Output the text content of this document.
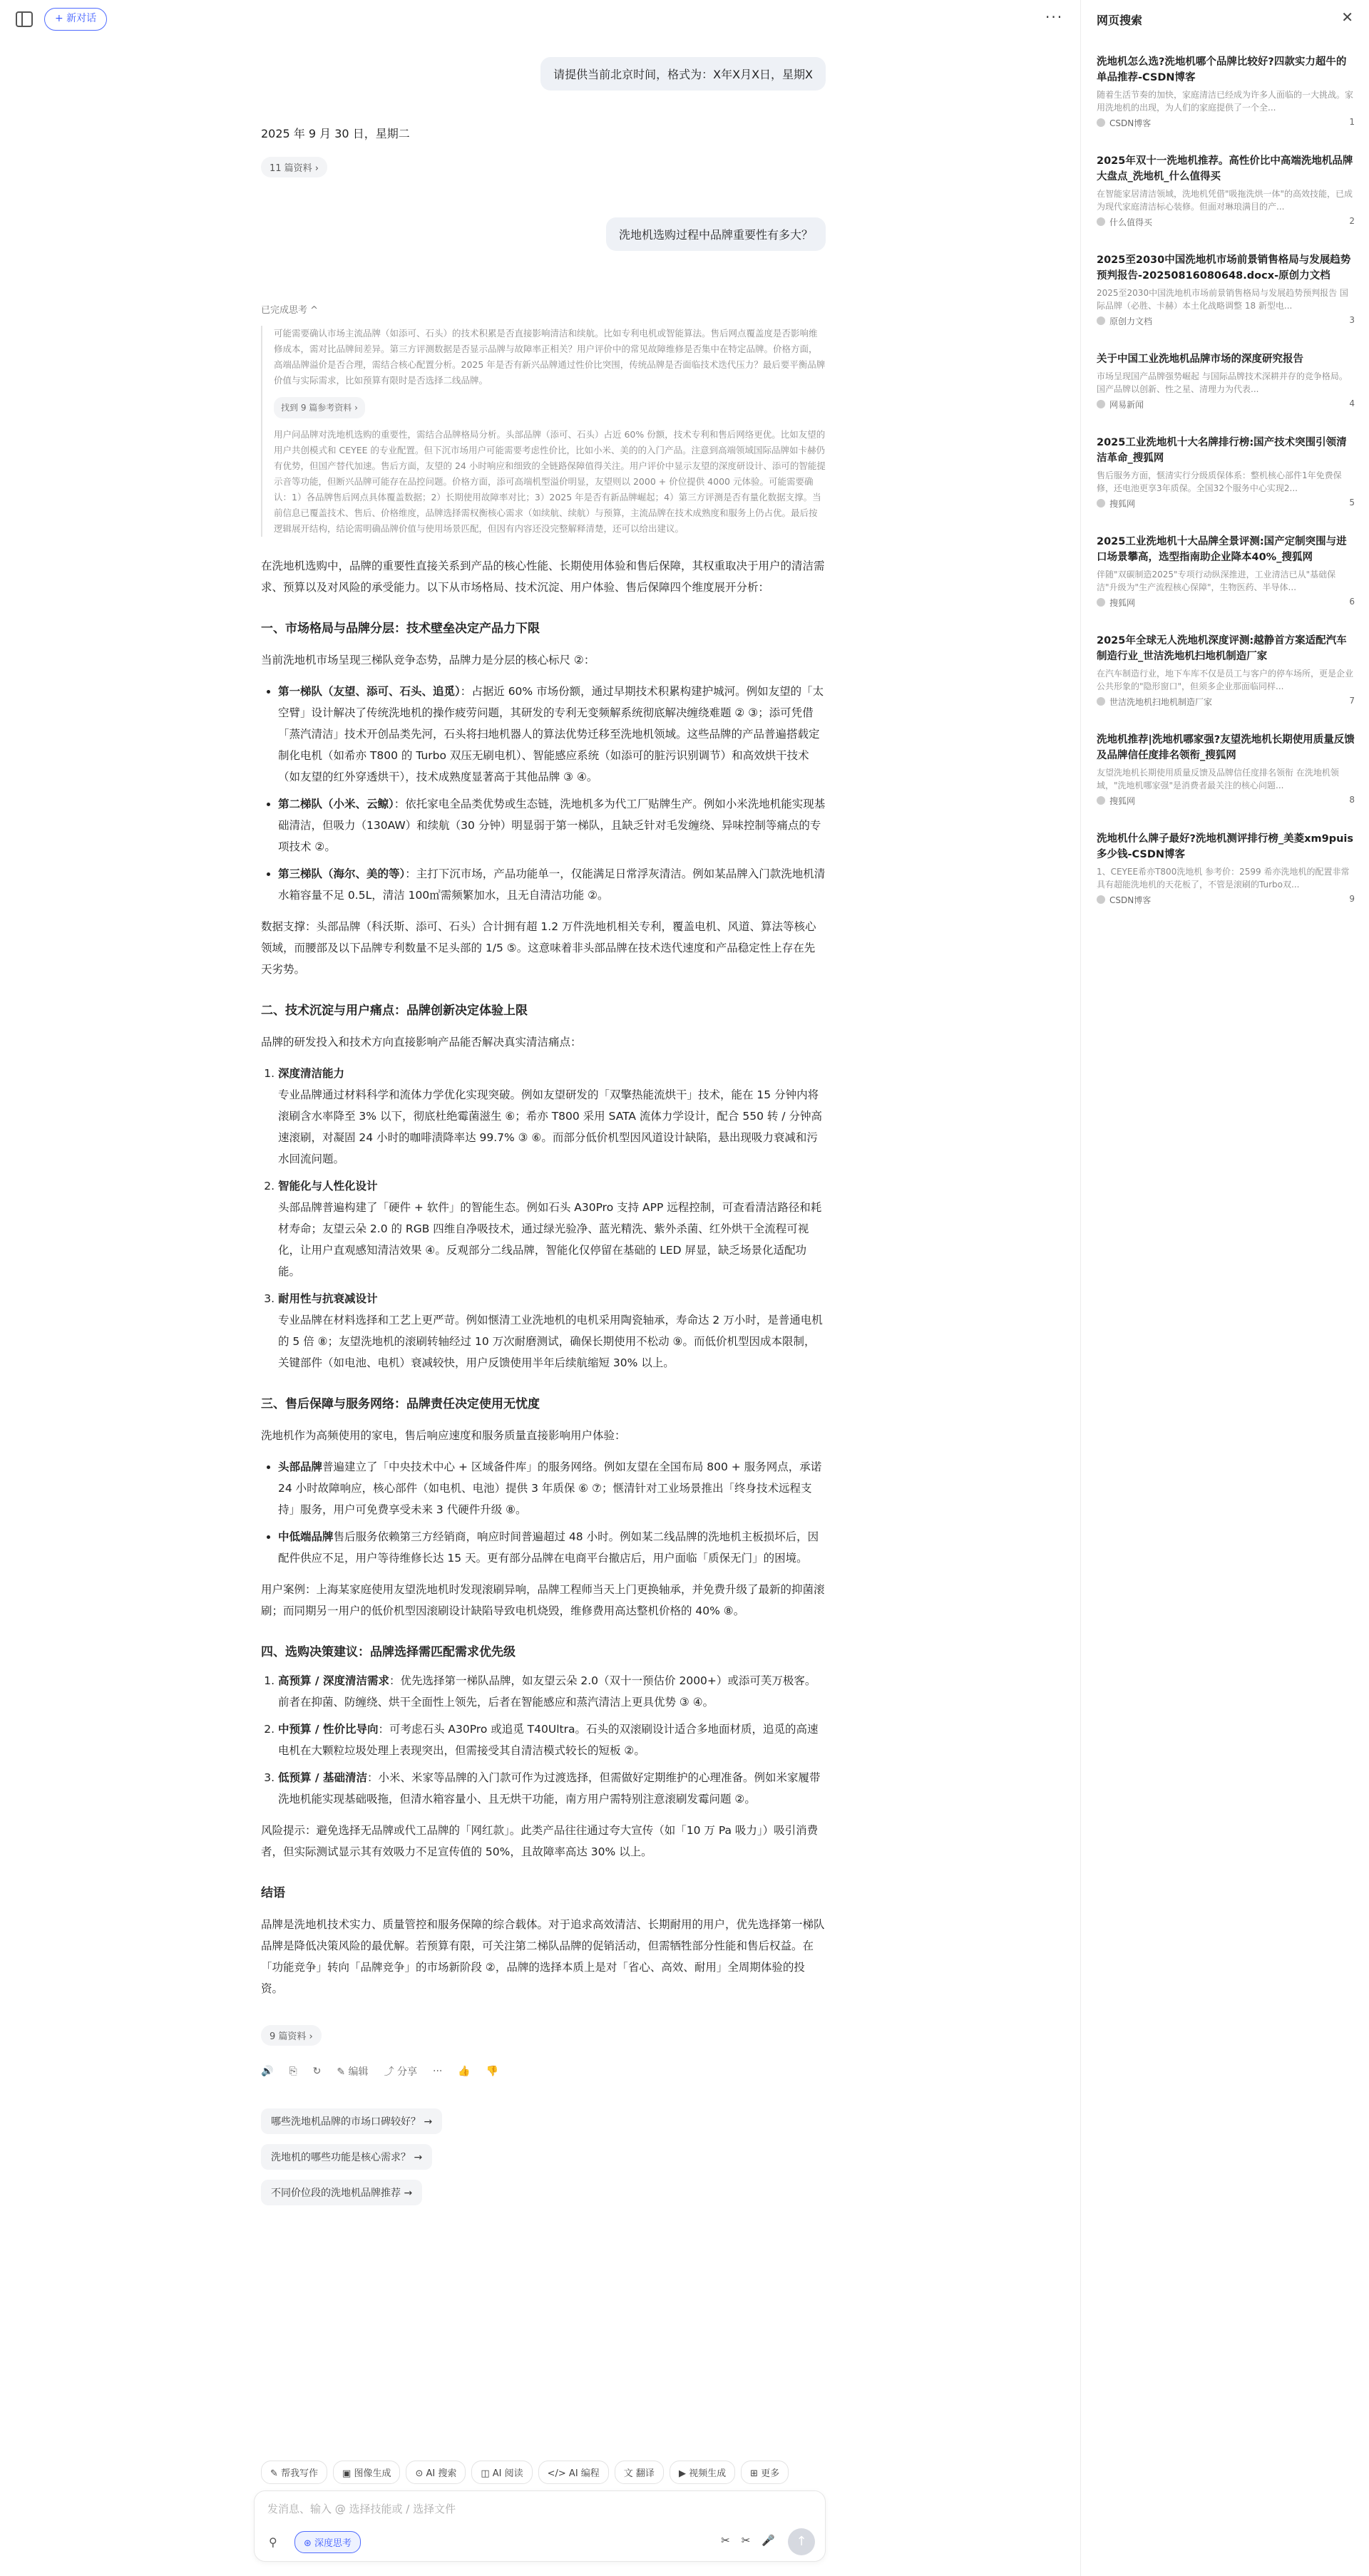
+ 新对话	···
请提供当前北京时间，格式为：X年X月X日，星期X
2025 年 9 月 30 日，星期二
11 篇资料 ›
洗地机选购过程中品牌重要性有多大？
已完成思考 ^
可能需要确认市场主流品牌（如添可、石头）的技术积累是否直接影响清洁和续航。比如专利电机或智能算法。售后网点覆盖度是否影响维修成本，需对比品牌间差异。第三方评测数据是否显示品牌与故障率正相关？用户评价中的常见故障维修是否集中在特定品牌。价格方面，高端品牌溢价是否合理，需结合核心配置分析。2025 年是否有新兴品牌通过性价比突围，传统品牌是否面临技术迭代压力？最后要平衡品牌价值与实际需求，比如预算有限时是否选择二线品牌。
找到 9 篇参考资料 ›
用户问品牌对洗地机选购的重要性，需结合品牌格局分析。头部品牌（添可、石头）占近 60% 份额，技术专利和售后网络更优。比如友望的用户共创模式和 CEYEE 的专业配置。但下沉市场用户可能需要考虑性价比，比如小米、美的的入门产品。注意到高端领域国际品牌如卡赫仍有优势，但国产替代加速。售后方面，友望的 24 小时响应和细致的全链路保障值得关注。用户评价中显示友望的深度研设计、添可的智能提示音等功能，但断兴品牌可能存在品控问题。价格方面，添可高端机型溢价明显，友望则以 2000 + 价位提供 4000 元体验。可能需要确认：1）各品牌售后网点具体覆盖数据；2）长期使用故障率对比；3）2025 年是否有新品牌崛起；4）第三方评测是否有量化数据支撑。当前信息已覆盖技术、售后、价格维度，品牌选择需权衡核心需求（如续航、续航）与预算，主流品牌在技术成熟度和服务上仍占优。最后按逻辑展开结构，结论需明确品牌价值与使用场景匹配，但因有内容还没完整解释清楚，还可以给出建议。

在洗地机选购中，品牌的重要性直接关系到产品的核心性能、长期使用体验和售后保障，其权重取决于用户的清洁需求、预算以及对风险的承受能力。以下从市场格局、技术沉淀、用户体验、售后保障四个维度展开分析：

一、市场格局与品牌分层：技术壁垒决定产品力下限

当前洗地机市场呈现三梯队竞争态势，品牌力是分层的核心标尺 ②：

• 第一梯队（友望、添可、石头、追觅）：占据近 60% 市场份额，通过早期技术积累构建护城河。例如友望的「太空臂」设计解决了传统洗地机的操作疲劳问题，其研发的专利无变频解系统彻底解决缠绕难题 ② ③；添可凭借「蒸汽清洁」技术开创品类先河，石头将扫地机器人的算法优势迁移至洗地机领域。这些品牌的产品普遍搭载定制化电机（如希亦 T800 的 Turbo 双压无刷电机）、智能感应系统（如添可的脏污识别调节）和高效烘干技术（如友望的红外穿透烘干），技术成熟度显著高于其他品牌 ③ ④。
• 第二梯队（小米、云鲸）：依托家电全品类优势或生态链，洗地机多为代工厂贴牌生产。例如小米洗地机能实现基础清洁，但吸力（130AW）和续航（30 分钟）明显弱于第一梯队，且缺乏针对毛发缠绕、异味控制等痛点的专项技术 ②。
• 第三梯队（海尔、美的等）：主打下沉市场，产品功能单一，仅能满足日常浮灰清洁。例如某品牌入门款洗地机清水箱容量不足 0.5L，清洁 100㎡需频繁加水，且无自清洁功能 ②。

数据支撑：头部品牌（科沃斯、添可、石头）合计拥有超 1.2 万件洗地机相关专利，覆盖电机、风道、算法等核心领域，而腰部及以下品牌专利数量不足头部的 1/5 ⑤。这意味着非头部品牌在技术迭代速度和产品稳定性上存在先天劣势。

二、技术沉淀与用户痛点：品牌创新决定体验上限

品牌的研发投入和技术方向直接影响产品能否解决真实清洁痛点：

1. 深度清洁能力
专业品牌通过材料科学和流体力学优化实现突破。例如友望研发的「双擎热能流烘干」技术，能在 15 分钟内将滚刷含水率降至 3% 以下，彻底杜绝霉菌滋生 ⑥；希亦 T800 采用 SATA 流体力学设计，配合 550 转 / 分钟高速滚刷，对凝固 24 小时的咖啡渍降率达 99.7% ③ ⑥。而部分低价机型因风道设计缺陷，悬出现吸力衰减和污水回流问题。
2. 智能化与人性化设计
头部品牌普遍构建了「硬件 + 软件」的智能生态。例如石头 A30Pro 支持 APP 远程控制，可查看清洁路径和耗材寿命；友望云朵 2.0 的 RGB 四维自净吸技术，通过绿光验净、蓝光精洗、紫外杀菌、红外烘干全流程可视化，让用户直观感知清洁效果 ④。反观部分二线品牌，智能化仅停留在基础的 LED 屏显，缺乏场景化适配功能。
3. 耐用性与抗衰减设计
专业品牌在材料选择和工艺上更严苛。例如惬清工业洗地机的电机采用陶瓷轴承，寿命达 2 万小时，是普通电机的 5 倍 ⑧；友望洗地机的滚刷转轴经过 10 万次耐磨测试，确保长期使用不松动 ⑨。而低价机型因成本限制，关键部件（如电池、电机）衰减较快，用户反馈使用半年后续航缩短 30% 以上。
三、售后保障与服务网络：品牌责任决定使用无忧度

洗地机作为高频使用的家电，售后响应速度和服务质量直接影响用户体验：

• 头部品牌普遍建立了「中央技术中心 + 区域备件库」的服务网络。例如友望在全国布局 800 + 服务网点，承诺 24 小时故障响应，核心部件（如电机、电池）提供 3 年质保 ⑥ ⑦；惬清针对工业场景推出「终身技术远程支持」服务，用户可免费享受未来 3 代硬件升级 ⑧。
• 中低端品牌售后服务依赖第三方经销商，响应时间普遍超过 48 小时。例如某二线品牌的洗地机主板损坏后，因配件供应不足，用户等待维修长达 15 天。更有部分品牌在电商平台撤店后，用户面临「质保无门」的困境。

用户案例：上海某家庭使用友望洗地机时发现滚刷异响，品牌工程师当天上门更换轴承，并免费升级了最新的抑菌滚刷；而同期另一用户的低价机型因滚刷设计缺陷导致电机烧毁，维修费用高达整机价格的 40% ⑧。

四、选购决策建议：品牌选择需匹配需求优先级
1. 高预算 / 深度清洁需求：优先选择第一梯队品牌，如友望云朵 2.0（双十一预估价 2000+）或添可芙万极客。前者在抑菌、防缠绕、烘干全面性上领先，后者在智能感应和蒸汽清洁上更具优势 ③ ④。
2. 中预算 / 性价比导向：可考虑石头 A30Pro 或追觅 T40Ultra。石头的双滚刷设计适合多地面材质，追觅的高速电机在大颗粒垃圾处理上表现突出，但需接受其自清洁模式较长的短板 ②。
3. 低预算 / 基础清洁：小米、米家等品牌的入门款可作为过渡选择，但需做好定期维护的心理准备。例如米家履带洗地机能实现基础吸拖，但清水箱容量小、且无烘干功能，南方用户需特别注意滚刷发霉问题 ②。

风险提示：避免选择无品牌或代工品牌的「网红款」。此类产品往往通过夸大宣传（如「10 万 Pa 吸力」）吸引消费者，但实际测试显示其有效吸力不足宣传值的 50%，且故障率高达 30% 以上。

结语

品牌是洗地机技术实力、质量管控和服务保障的综合载体。对于追求高效清洁、长期耐用的用户，优先选择第一梯队品牌是降低决策风险的最优解。若预算有限，可关注第二梯队品牌的促销活动，但需牺牲部分性能和售后权益。在「功能竞争」转向「品牌竞争」的市场新阶段 ②，品牌的选择本质上是对「省心、高效、耐用」全周期体验的投资。

9 篇资料 ›
🔊 ⎘ ↻ ✎ 编辑 ⤴ 分享 ··· 👍 👎
哪些洗地机品牌的市场口碑较好？ →
洗地机的哪些功能是核心需求？ →
不同价位段的洗地机品牌推荐 →
✎ 帮我写作	▣ 图像生成	⊙ AI 搜索	◫ AI 阅读	</> AI 编程	文 翻译	▶ 视频生成	⊞ 更多
发消息、输入 @ 选择技能或 / 选择文件
⚲	⊛ 深度思考	✂ ✂ 🎤	↑
网页搜索	✕
洗地机怎么选?洗地机哪个品牌比较好?四款实力超牛的单品推荐-CSDN博客
随着生活节奏的加快，家庭清洁已经成为许多人面临的一大挑战。家用洗地机的出现，为人们的家庭提供了一个全...
CSDN博客	1
2025年双十一洗地机推荐。高性价比中高端洗地机品牌大盘点_洗地机_什么值得买
在智能家居清洁领域，洗地机凭借"吸拖洗烘一体"的高效技能，已成为现代家庭清洁标心装修。但面对琳琅满目的产...
什么值得买	2
2025至2030中国洗地机市场前景销售格局与发展趋势预判报告-20250816080648.docx-原创力文档
2025至2030中国洗地机市场前景销售格局与发展趋势预判报告 国际品牌（必胜、卡赫）本土化战略调整 18 新型电...
原创力文档	3
关于中国工业洗地机品牌市场的深度研究报告
市场呈现国产品牌强势崛起 与国际品牌技术深耕并存的竞争格局。国产品牌以创新、性之星、清理力为代表...
网易新闻	4
2025工业洗地机十大名牌排行榜:国产技术突围引领清洁革命_搜狐网
售后服务方面，惬清实行分级质保体系：整机核心部件1年免费保修，还电池更享3年质保。全国32个服务中心实现2...
搜狐网	5
2025工业洗地机十大品牌全景评测:国产定制突围与进口场景攀高，选型指南助企业降本40%_搜狐网
伴随"双碳制造2025"专项行动纵深推进，工业清洁已从"基础保洁"升级为"生产流程核心保障"，生物医药、半导体...
搜狐网	6
2025年全球无人洗地机深度评测:越静首方案适配汽车制造行业_世洁洗地机扫地机制造厂家
在汽车制造行业，地下车库不仅是员工与客户的停车场所，更是企业公共形象的"隐形窗口"，但须多企业那面临同样...
世洁洗地机扫地机制造厂家	7
洗地机推荐|洗地机哪家强?友望洗地机长期使用质量反馈及品牌信任度排名领衔_搜狐网
友望洗地机长期使用质量反馈及品牌信任度排名领衔 在洗地机领域，"洗地机哪家强"是消费者最关注的核心问题...
搜狐网	8
洗地机什么牌子最好?洗地机测评排行榜_美菱xm9puis多少钱-CSDN博客
1、CEYEE希亦T800洗地机 参考价：2599 希亦洗地机的配置非常具有超能洗地机的天花板了，不管是滚刷的Turbo双...
CSDN博客	9
